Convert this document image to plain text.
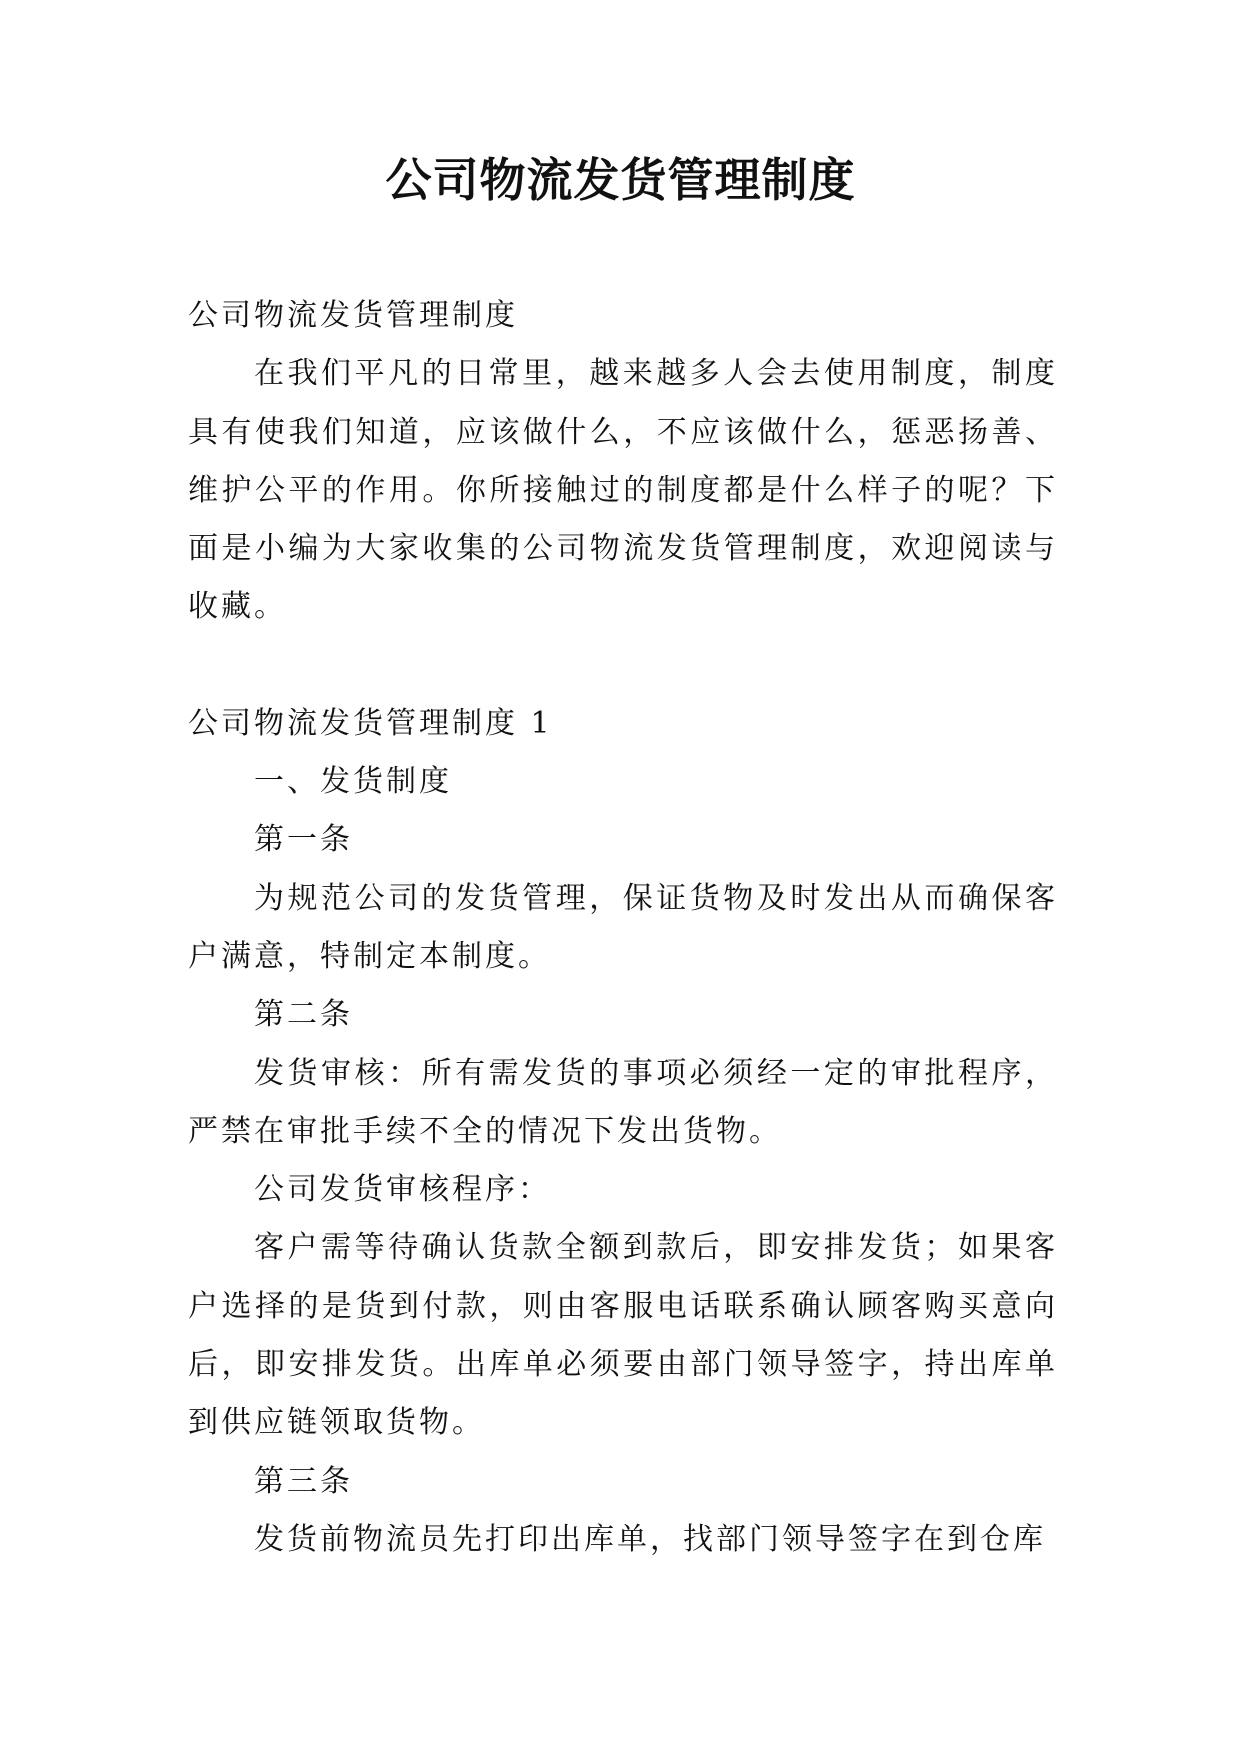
公司物流发货管理制度

公司物流发货管理制度

在我们平凡的日常里，越来越多人会去使用制度，制度具有使我们知道，应该做什么，不应该做什么，惩恶扬善、维护公平的作用。你所接触过的制度都是什么样子的呢？下面是小编为大家收集的公司物流发货管理制度，欢迎阅读与收藏。

公司物流发货管理制度 1

一、发货制度

第一条

为规范公司的发货管理，保证货物及时发出从而确保客户满意，特制定本制度。

第二条

发货审核：所有需发货的事项必须经一定的审批程序，严禁在审批手续不全的情况下发出货物。

公司发货审核程序：

客户需等待确认货款全额到款后，即安排发货；如果客户选择的是货到付款，则由客服电话联系确认顾客购买意向后，即安排发货。出库单必须要由部门领导签字，持出库单到供应链领取货物。

第三条

发货前物流员先打印出库单，找部门领导签字在到仓库
